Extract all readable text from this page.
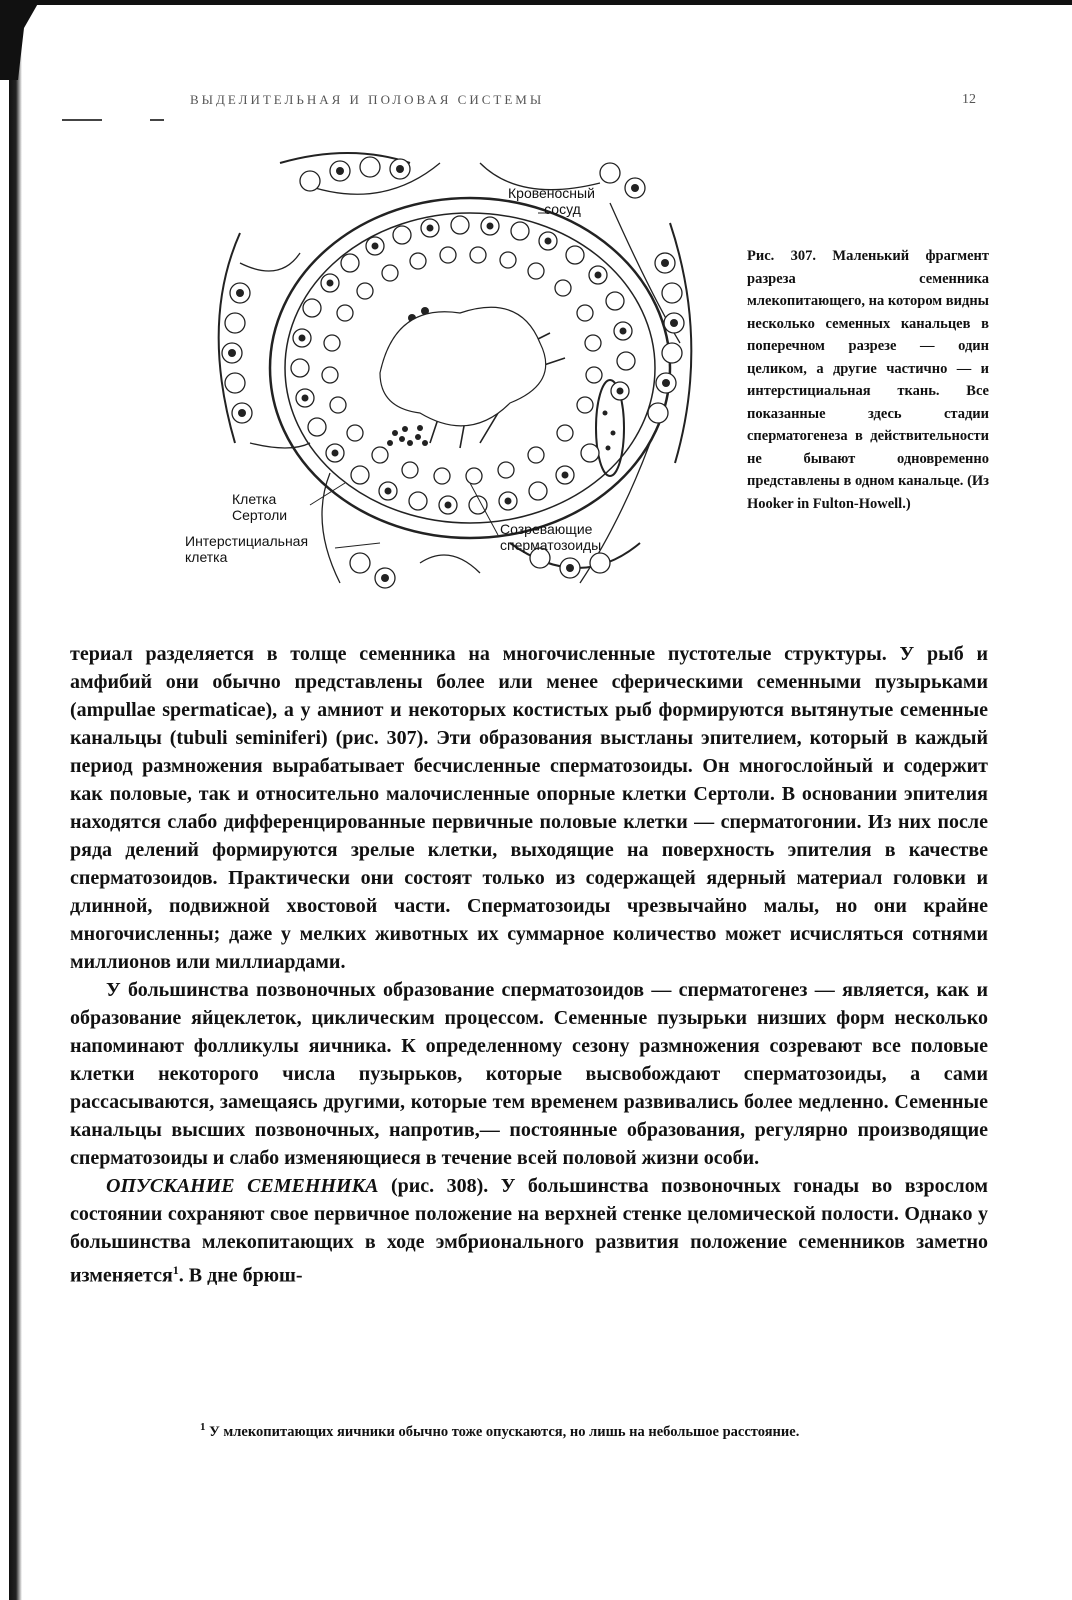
ВЫДЕЛИТЕЛЬНАЯ И ПОЛОВАЯ СИСТЕМЫ	12
Кровеносный
сосуд
Клетка
Сертоли
Интерстициальная
клетка
Созревающие
сперматозоиды
Рис. 307. Маленький фрагмент разреза семенника млекопитающего, на котором видны несколько семенных канальцев в поперечном разрезе — один целиком, а другие частично — и интерстициальная ткань. Все показанные здесь стадии сперматогенеза в действительности не бывают одновременно представлены в одном канальце. (Из Hooker in Fulton-Howell.)

териал разделяется в толще семенника на многочисленные пустотелые структуры. У рыб и амфибий они обычно представлены более или менее сферическими семенными пузырьками (ampullae spermaticae), а у амниот и некоторых костистых рыб формируются вытянутые семенные канальцы (tubuli seminiferi) (рис. 307). Эти образования выстланы эпителием, который в каждый период размножения вырабатывает бесчисленные сперматозоиды. Он многослойный и содержит как половые, так и относительно малочисленные опорные клетки Сертоли. В основании эпителия находятся слабо дифференцированные первичные половые клетки — сперматогонии. Из них после ряда делений формируются зрелые клетки, выходящие на поверхность эпителия в качестве сперматозоидов. Практически они состоят только из содержащей ядерный материал головки и длинной, подвижной хвостовой части. Сперматозоиды чрезвычайно малы, но они крайне многочисленны; даже у мелких животных их суммарное количество может исчисляться сотнями миллионов или миллиардами.

У большинства позвоночных образование сперматозоидов — сперматогенез — является, как и образование яйцеклеток, циклическим процессом. Семенные пузырьки низших форм несколько напоминают фолликулы яичника. К определенному сезону размножения созревают все половые клетки некоторого числа пузырьков, которые высвобождают сперматозоиды, а сами рассасываются, замещаясь другими, которые тем временем развивались более медленно. Семенные канальцы высших позвоночных, напротив,— постоянные образования, регулярно производящие сперматозоиды и слабо изменяющиеся в течение всей половой жизни особи.

ОПУСКАНИЕ СЕМЕННИКА (рис. 308). У большинства позвоночных гонады во взрослом состоянии сохраняют свое первичное положение на верхней стенке целомической полости. Однако у большинства млекопитающих в ходе эмбрионального развития положение семенников заметно изменяется$^1$. В дне брюш-

$^1$ У млекопитающих яичники обычно тоже опускаются, но лишь на небольшое расстояние.
